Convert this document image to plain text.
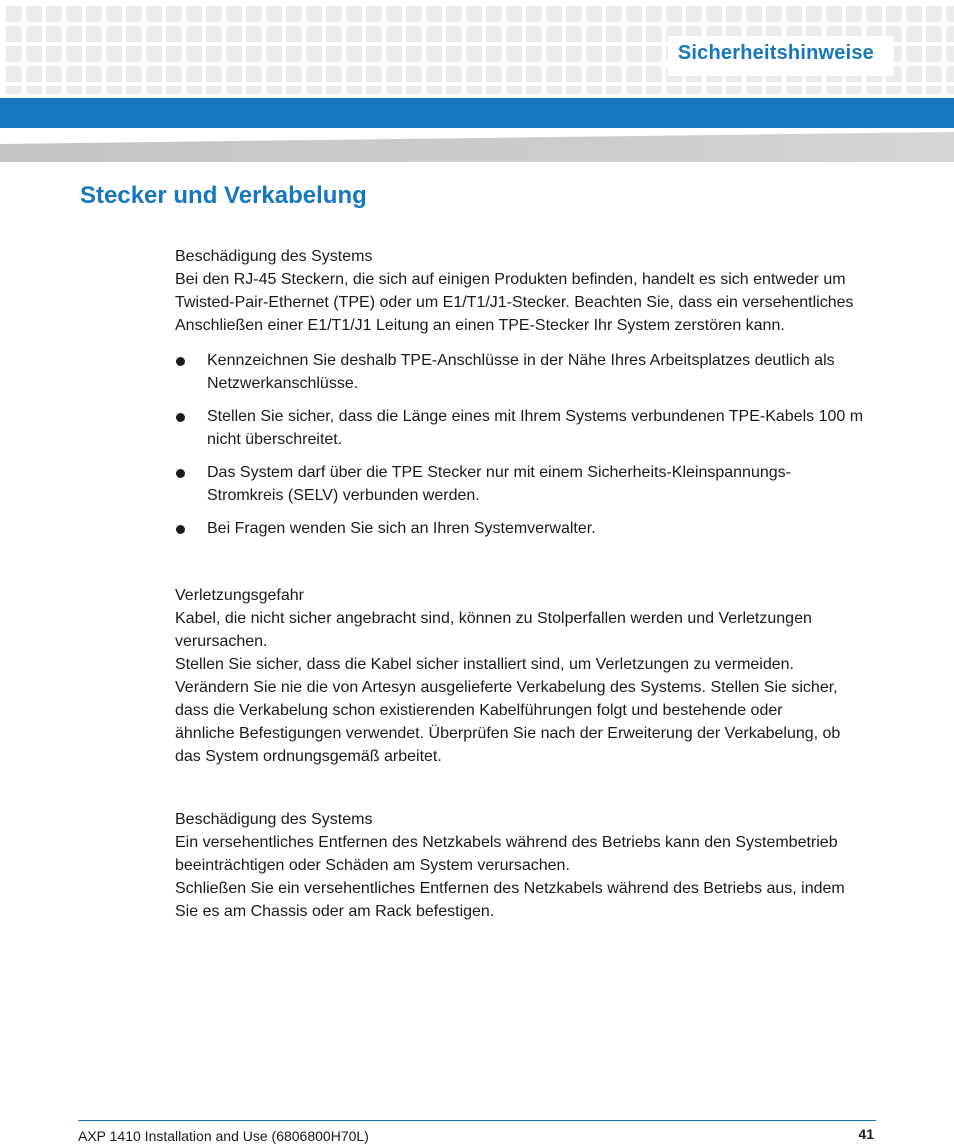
Sicherheitshinweise
Stecker und Verkabelung

Beschädigung des Systems

Bei den RJ-45 Steckern, die sich auf einigen Produkten befinden, handelt es sich entweder um

Twisted-Pair-Ethernet (TPE) oder um E1/T1/J1-Stecker. Beachten Sie, dass ein versehentliches

Anschließen einer E1/T1/J1 Leitung an einen TPE-Stecker Ihr System zerstören kann.

Kennzeichnen Sie deshalb TPE-Anschlüsse in der Nähe Ihres Arbeitsplatzes deutlich als
Netzwerkanschlüsse.
Stellen Sie sicher, dass die Länge eines mit Ihrem Systems verbundenen TPE-Kabels 100 m
nicht überschreitet.
Das System darf über die TPE Stecker nur mit einem Sicherheits-Kleinspannungs-
Stromkreis (SELV) verbunden werden.
Bei Fragen wenden Sie sich an Ihren Systemverwalter.

Verletzungsgefahr

Kabel, die nicht sicher angebracht sind, können zu Stolperfallen werden und Verletzungen

verursachen.

Stellen Sie sicher, dass die Kabel sicher installiert sind, um Verletzungen zu vermeiden.

Verändern Sie nie die von Artesyn ausgelieferte Verkabelung des Systems. Stellen Sie sicher,

dass die Verkabelung schon existierenden Kabelführungen folgt und bestehende oder

ähnliche Befestigungen verwendet. Überprüfen Sie nach der Erweiterung der Verkabelung, ob

das System ordnungsgemäß arbeitet.

Beschädigung des Systems

Ein versehentliches Entfernen des Netzkabels während des Betriebs kann den Systembetrieb

beeinträchtigen oder Schäden am System verursachen.

Schließen Sie ein versehentliches Entfernen des Netzkabels während des Betriebs aus, indem

Sie es am Chassis oder am Rack befestigen.

AXP 1410 Installation and Use (6806800H70L)	41
